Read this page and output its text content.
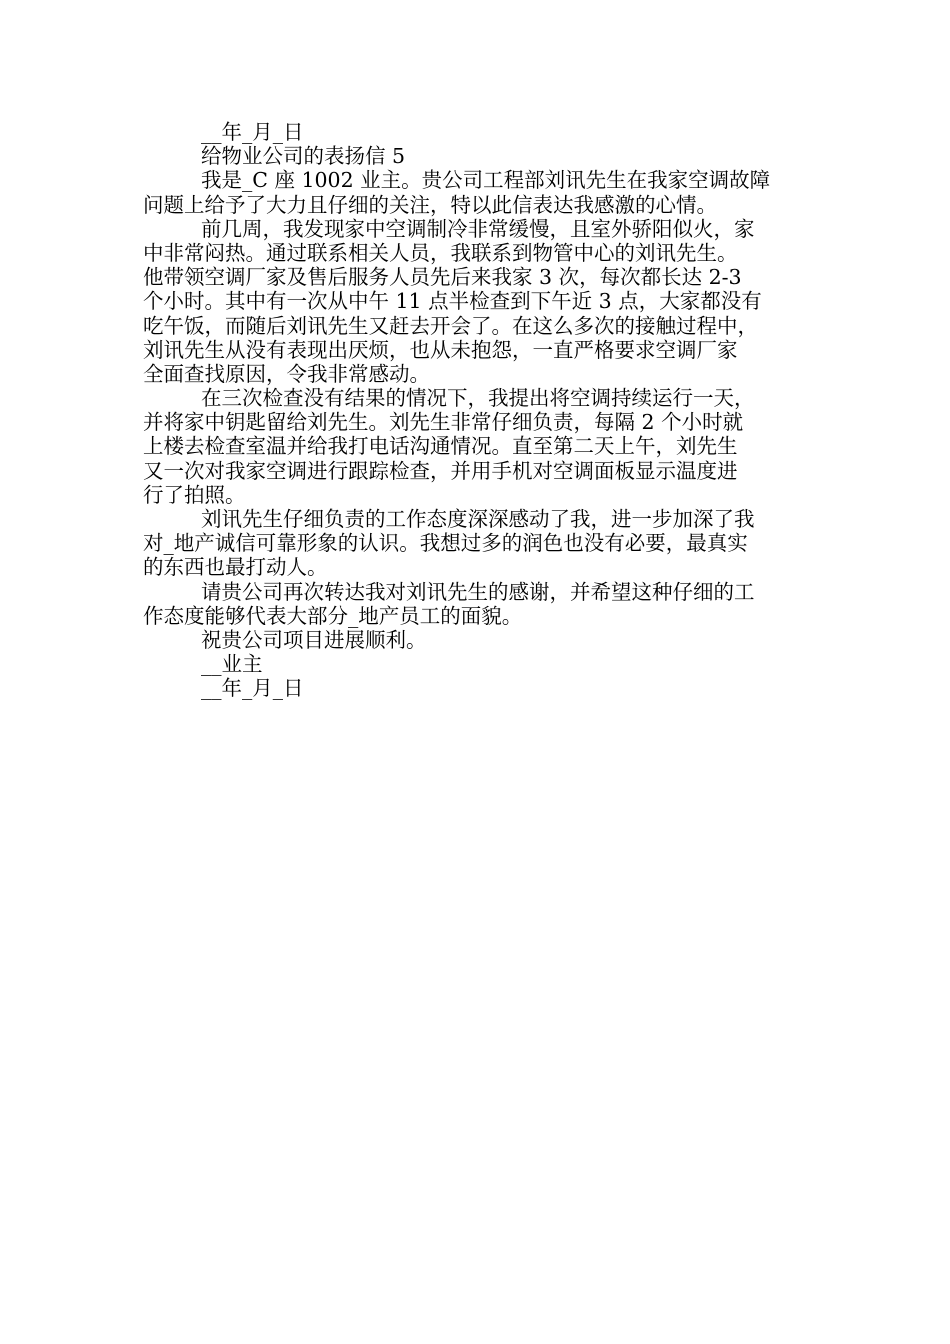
__年_月_日
给物业公司的表扬信 5
我是_C 座 1002 业主。贵公司工程部刘讯先生在我家空调故障
问题上给予了大力且仔细的关注，特以此信表达我感激的心情。
前几周，我发现家中空调制冷非常缓慢，且室外骄阳似火，家
中非常闷热。通过联系相关人员，我联系到物管中心的刘讯先生。
他带领空调厂家及售后服务人员先后来我家 3 次，每次都长达 2-3
个小时。其中有一次从中午 11 点半检查到下午近 3 点，大家都没有
吃午饭，而随后刘讯先生又赶去开会了。在这么多次的接触过程中，
刘讯先生从没有表现出厌烦，也从未抱怨，一直严格要求空调厂家
全面查找原因，令我非常感动。
在三次检查没有结果的情况下，我提出将空调持续运行一天，
并将家中钥匙留给刘先生。刘先生非常仔细负责，每隔 2 个小时就
上楼去检查室温并给我打电话沟通情况。直至第二天上午，刘先生
又一次对我家空调进行跟踪检查，并用手机对空调面板显示温度进
行了拍照。
刘讯先生仔细负责的工作态度深深感动了我，进一步加深了我
对_地产诚信可靠形象的认识。我想过多的润色也没有必要，最真实
的东西也最打动人。
请贵公司再次转达我对刘讯先生的感谢，并希望这种仔细的工
作态度能够代表大部分_地产员工的面貌。
祝贵公司项目进展顺利。
__业主
__年_月_日
